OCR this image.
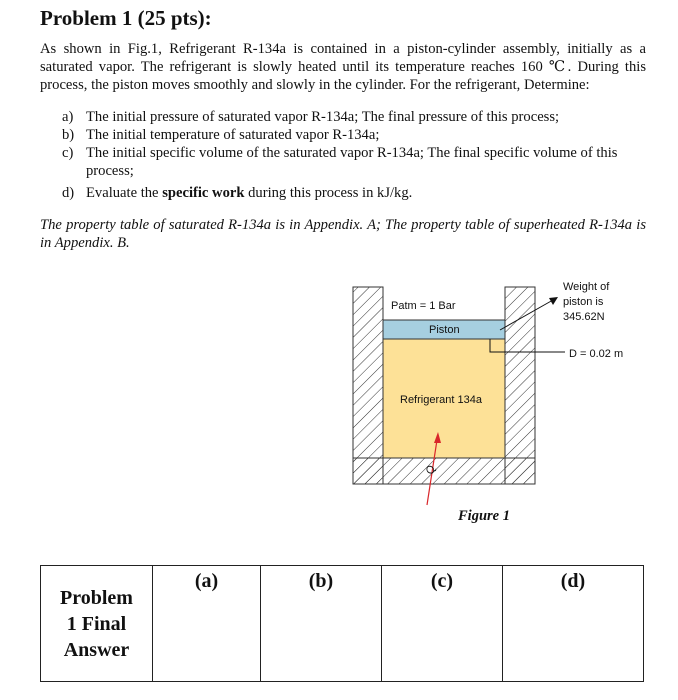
Problem 1 (25 pts):

As shown in Fig.1, Refrigerant R-134a is contained in a piston-cylinder assembly, initially as a saturated vapor. The refrigerant is slowly heated until its temperature reaches 160 ℃. During this process, the piston moves smoothly and slowly in the cylinder. For the refrigerant, Determine:

a) The initial pressure of saturated vapor R-134a; The final pressure of this process;
b) The initial temperature of saturated vapor R-134a;
c) The initial specific volume of the saturated vapor R-134a; The final specific volume of this process;
d) Evaluate the specific work during this process in kJ/kg.

The property table of saturated R-134a is in Appendix. A; The property table of superheated R-134a is in Appendix. B.

Patm = 1 Bar
Piston
Refrigerant 134a
Q
Weight of
piston is
345.62N
D = 0.02 m
Figure 1
Problem
1 Final
Answer
	(a)	(b)	(c)	(d)
